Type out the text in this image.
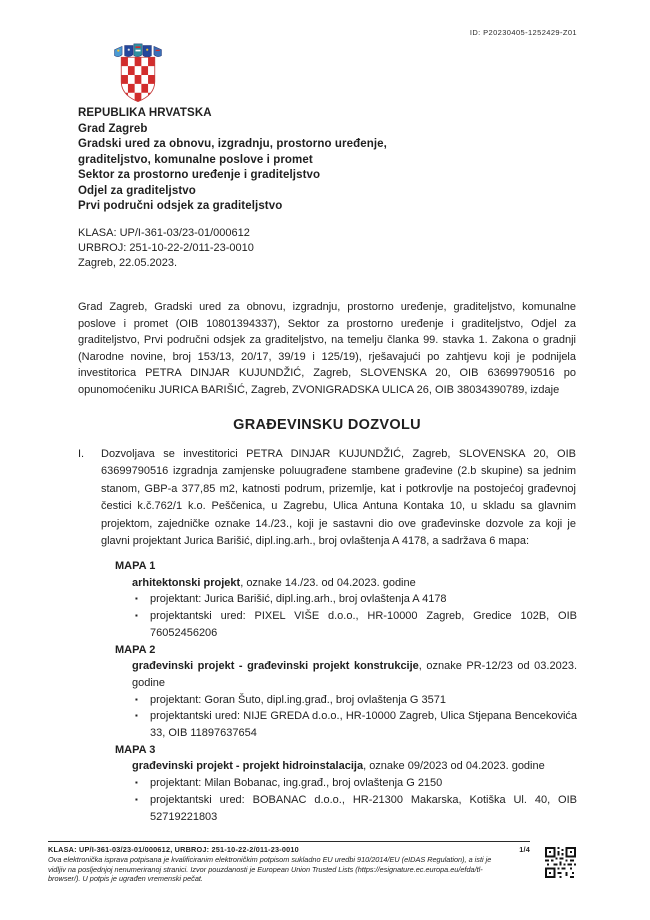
ID: P20230405-1252429-Z01
REPUBLIKA HRVATSKA
Grad Zagreb
Gradski ured za obnovu, izgradnju, prostorno uređenje,
graditeljstvo, komunalne poslove i promet
Sektor za prostorno uređenje i graditeljstvo
Odjel za graditeljstvo
Prvi područni odsjek za graditeljstvo
KLASA: UP/I-361-03/23-01/000612
URBROJ: 251-10-22-2/011-23-0010
Zagreb, 22.05.2023.

Grad Zagreb, Gradski ured za obnovu, izgradnju, prostorno uređenje, graditeljstvo, komunalne poslove i promet (OIB 10801394337), Sektor za prostorno uređenje i graditeljstvo, Odjel za graditeljstvo, Prvi područni odsjek za graditeljstvo, na temelju članka 99. stavka 1. Zakona o gradnji (Narodne novine, broj 153/13, 20/17, 39/19 i 125/19), rješavajući po zahtjevu koji je podnijela investitorica PETRA DINJAR KUJUNDŽIĆ, Zagreb, SLOVENSKA 20, OIB 63699790516 po opunomoćeniku JURICA BARIŠIĆ, Zagreb, ZVONIGRADSKA ULICA 26, OIB 38034390789, izdaje

GRAĐEVINSKU DOZVOLU
I.	Dozvoljava se investitorici PETRA DINJAR KUJUNDŽIĆ, Zagreb, SLOVENSKA 20, OIB 63699790516 izgradnja zamjenske poluugrađene stambene građevine (2.b skupine) sa jednim stanom, GBP-a 377,85 m2, katnosti podrum, prizemlje, kat i potkrovlje na postojećoj građevnoj čestici k.č.762/1 k.o. Peščenica, u Zagrebu, Ulica Antuna Kontaka 10, u skladu sa glavnim projektom, zajedničke oznake 14./23., koji je sastavni dio ove građevinske dozvole za koji je glavni projektant Jurica Barišić, dipl.ing.arh., broj ovlaštenja A 4178, a sadržava 6 mapa:
MAPA 1
arhitektonski projekt, oznake 14./23. od 04.2023. godine
▪	projektant: Jurica Barišić, dipl.ing.arh., broj ovlaštenja A 4178
▪	projektantski ured: PIXEL VIŠE d.o.o., HR-10000 Zagreb, Gredice 102B, OIB 76052456206
MAPA 2
građevinski projekt - građevinski projekt konstrukcije, oznake PR-12/23 od 03.2023. godine
▪	projektant: Goran Šuto, dipl.ing.građ., broj ovlaštenja G 3571
▪	projektantski ured: NIJE GREDA d.o.o., HR-10000 Zagreb, Ulica Stjepana Bencekovića 33, OIB 11897637654
MAPA 3
građevinski projekt - projekt hidroinstalacija, oznake 09/2023 od 04.2023. godine
▪	projektant: Milan Bobanac, ing.građ., broj ovlaštenja G 2150
▪	projektantski ured: BOBANAC d.o.o., HR-21300 Makarska, Kotiška Ul. 40, OIB 52719221803
KLASA: UP/I-361-03/23-01/000612, URBROJ: 251-10-22-2/011-23-0010	1/4
Ova elektronička isprava potpisana je kvalificiranim elektroničkim potpisom sukladno EU uredbi 910/2014/EU (eIDAS Regulation), a isti je vidljiv na posljednjoj nenumeriranoj stranici. Izvor pouzdanosti je European Union Trusted Lists (https://esignature.ec.europa.eu/efda/tl-browser/). U potpis je ugrađen vremenski pečat.
